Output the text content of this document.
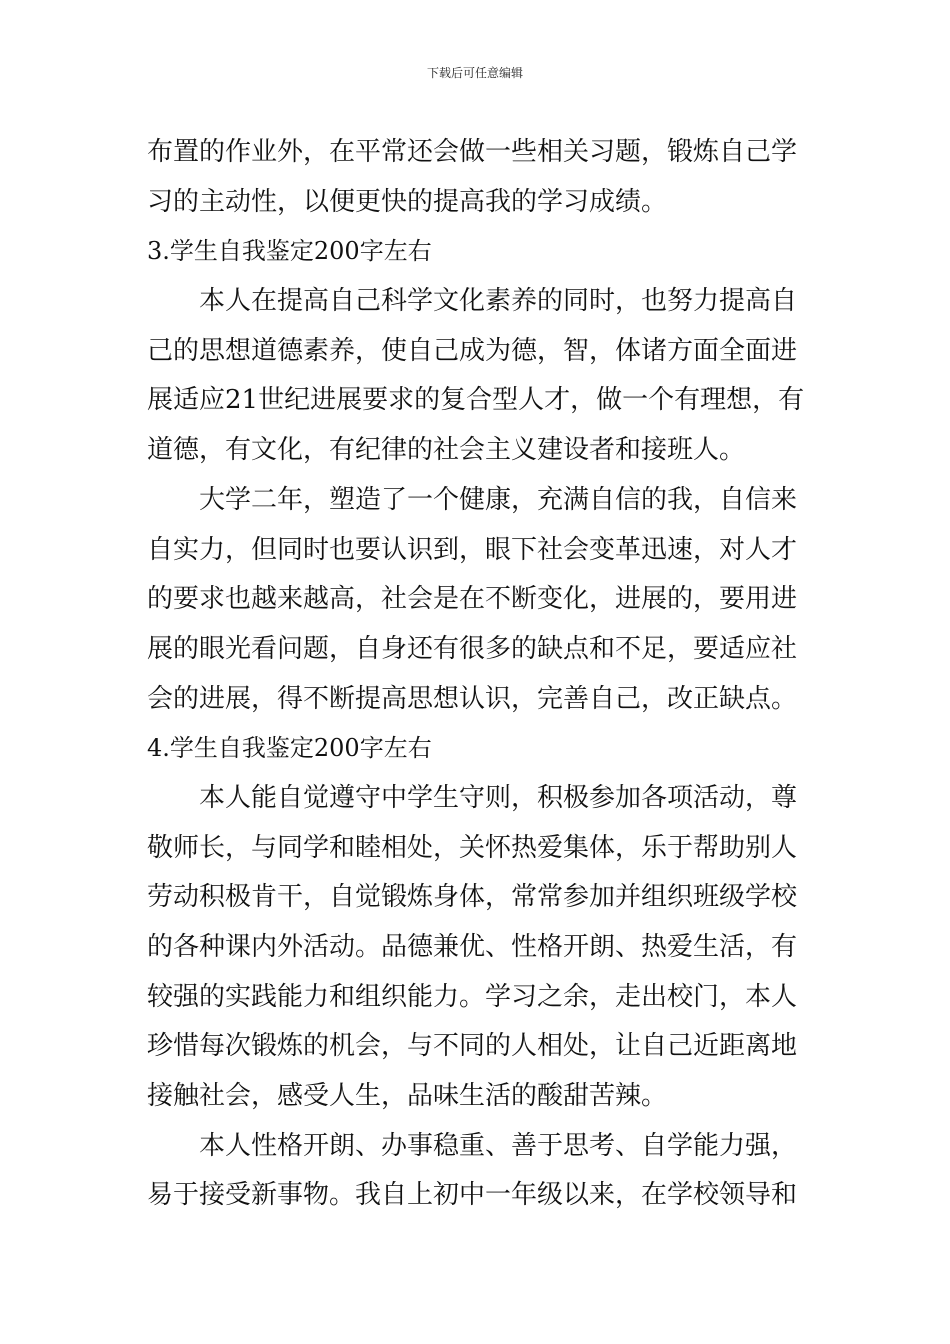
下载后可任意编辑
布置的作业外，在平常还会做一些相关习题，锻炼自己学
习的主动性，以便更快的提高我的学习成绩。
3.学生自我鉴定200字左右
本人在提高自己科学文化素养的同时，也努力提高自
己的思想道德素养，使自己成为德，智，体诸方面全面进
展适应21世纪进展要求的复合型人才，做一个有理想，有
道德，有文化，有纪律的社会主义建设者和接班人。
大学二年，塑造了一个健康，充满自信的我，自信来
自实力，但同时也要认识到，眼下社会变革迅速，对人才
的要求也越来越高，社会是在不断变化，进展的，要用进
展的眼光看问题，自身还有很多的缺点和不足，要适应社
会的进展，得不断提高思想认识，完善自己，改正缺点。
4.学生自我鉴定200字左右
本人能自觉遵守中学生守则，积极参加各项活动，尊
敬师长，与同学和睦相处，关怀热爱集体，乐于帮助别人
劳动积极肯干，自觉锻炼身体，常常参加并组织班级学校
的各种课内外活动。品德兼优、性格开朗、热爱生活，有
较强的实践能力和组织能力。学习之余，走出校门，本人
珍惜每次锻炼的机会，与不同的人相处，让自己近距离地
接触社会，感受人生，品味生活的酸甜苦辣。
本人性格开朗、办事稳重、善于思考、自学能力强，
易于接受新事物。我自上初中一年级以来，在学校领导和
